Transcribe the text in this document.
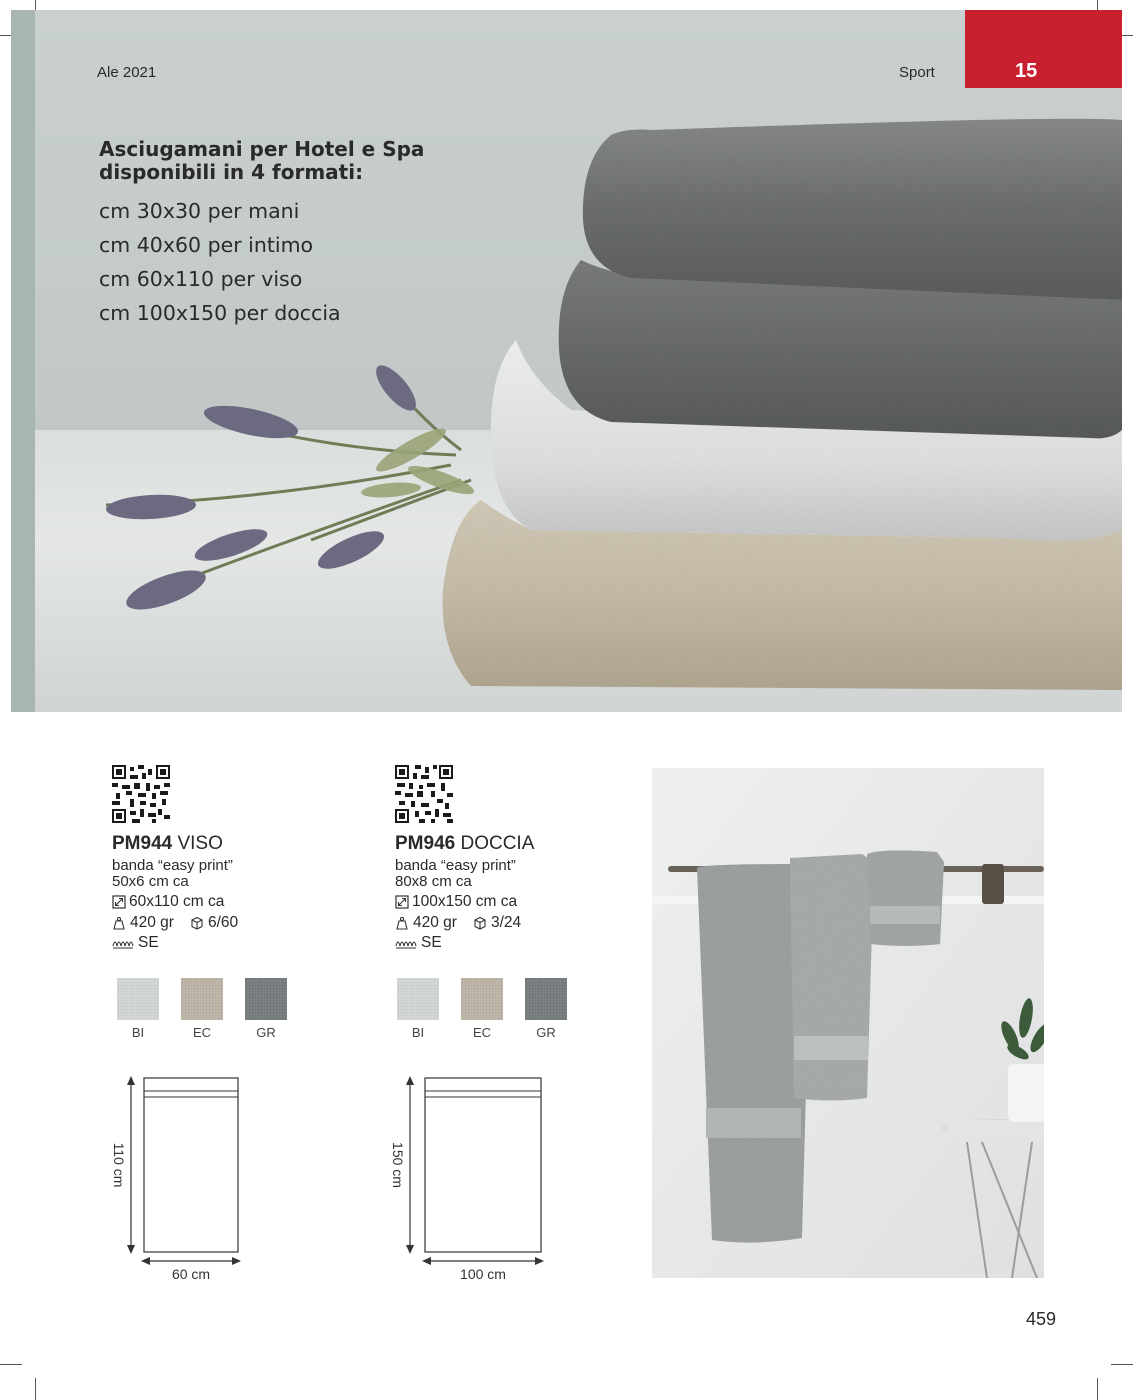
15
Sport
Ale 2021
Asciugamani per Hotel e Spa disponibili in 4 formati:
cm 30x30 per mani
cm 40x60 per intimo
cm 60x110 per viso
cm 100x150 per doccia
PM944 VISO
banda “easy print”
50x6 cm ca
60x110 cm ca
420 gr 6/60
SE
BI	EC	GR
PM946 DOCCIA
banda “easy print”
80x8 cm ca
100x150 cm ca
420 gr 3/24
SE
BI	EC	GR
110 cm
60 cm
150 cm
100 cm
459
